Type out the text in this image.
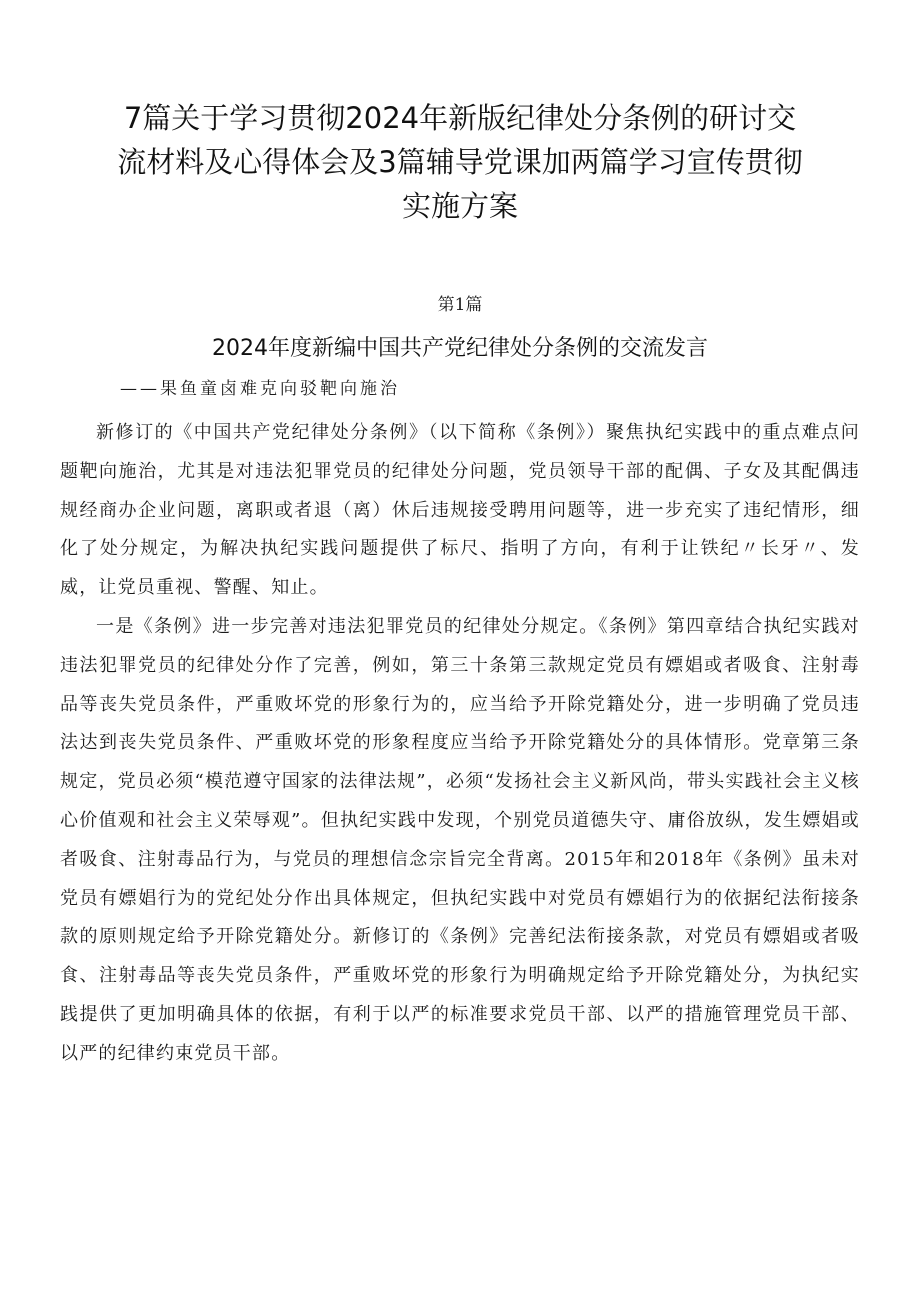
7篇关于学习贯彻2024年新版纪律处分条例的研讨交
流材料及心得体会及3篇辅导党课加两篇学习宣传贯彻
实施方案
第1篇
2024年度新编中国共产党纪律处分条例的交流发言
——果鱼童卤难克向驳靶向施治

新修订的《中国共产党纪律处分条例》（以下简称《条例》）聚焦执纪实践中的重点难点问题靶向施治，尤其是对违法犯罪党员的纪律处分问题，党员领导干部的配偶、子女及其配偶违规经商办企业问题，离职或者退（离）休后违规接受聘用问题等，进一步充实了违纪情形，细化了处分规定，为解决执纪实践问题提供了标尺、指明了方向，有利于让铁纪〃长牙〃、发威，让党员重视、警醒、知止。

一是《条例》进一步完善对违法犯罪党员的纪律处分规定。《条例》第四章结合执纪实践对违法犯罪党员的纪律处分作了完善，例如，第三十条第三款规定党员有嫖娼或者吸食、注射毒品等丧失党员条件，严重败坏党的形象行为的，应当给予开除党籍处分，进一步明确了党员违法达到丧失党员条件、严重败坏党的形象程度应当给予开除党籍处分的具体情形。党章第三条规定，党员必须“模范遵守国家的法律法规”，必须“发扬社会主义新风尚，带头实践社会主义核心价值观和社会主义荣辱观”。但执纪实践中发现，个别党员道德失守、庸俗放纵，发生嫖娼或者吸食、注射毒品行为，与党员的理想信念宗旨完全背离。2015年和2018年《条例》虽未对党员有嫖娼行为的党纪处分作出具体规定，但执纪实践中对党员有嫖娼行为的依据纪法衔接条款的原则规定给予开除党籍处分。新修订的《条例》完善纪法衔接条款，对党员有嫖娼或者吸食、注射毒品等丧失党员条件，严重败坏党的形象行为明确规定给予开除党籍处分，为执纪实践提供了更加明确具体的依据，有利于以严的标准要求党员干部、以严的措施管理党员干部、以严的纪律约束党员干部。
